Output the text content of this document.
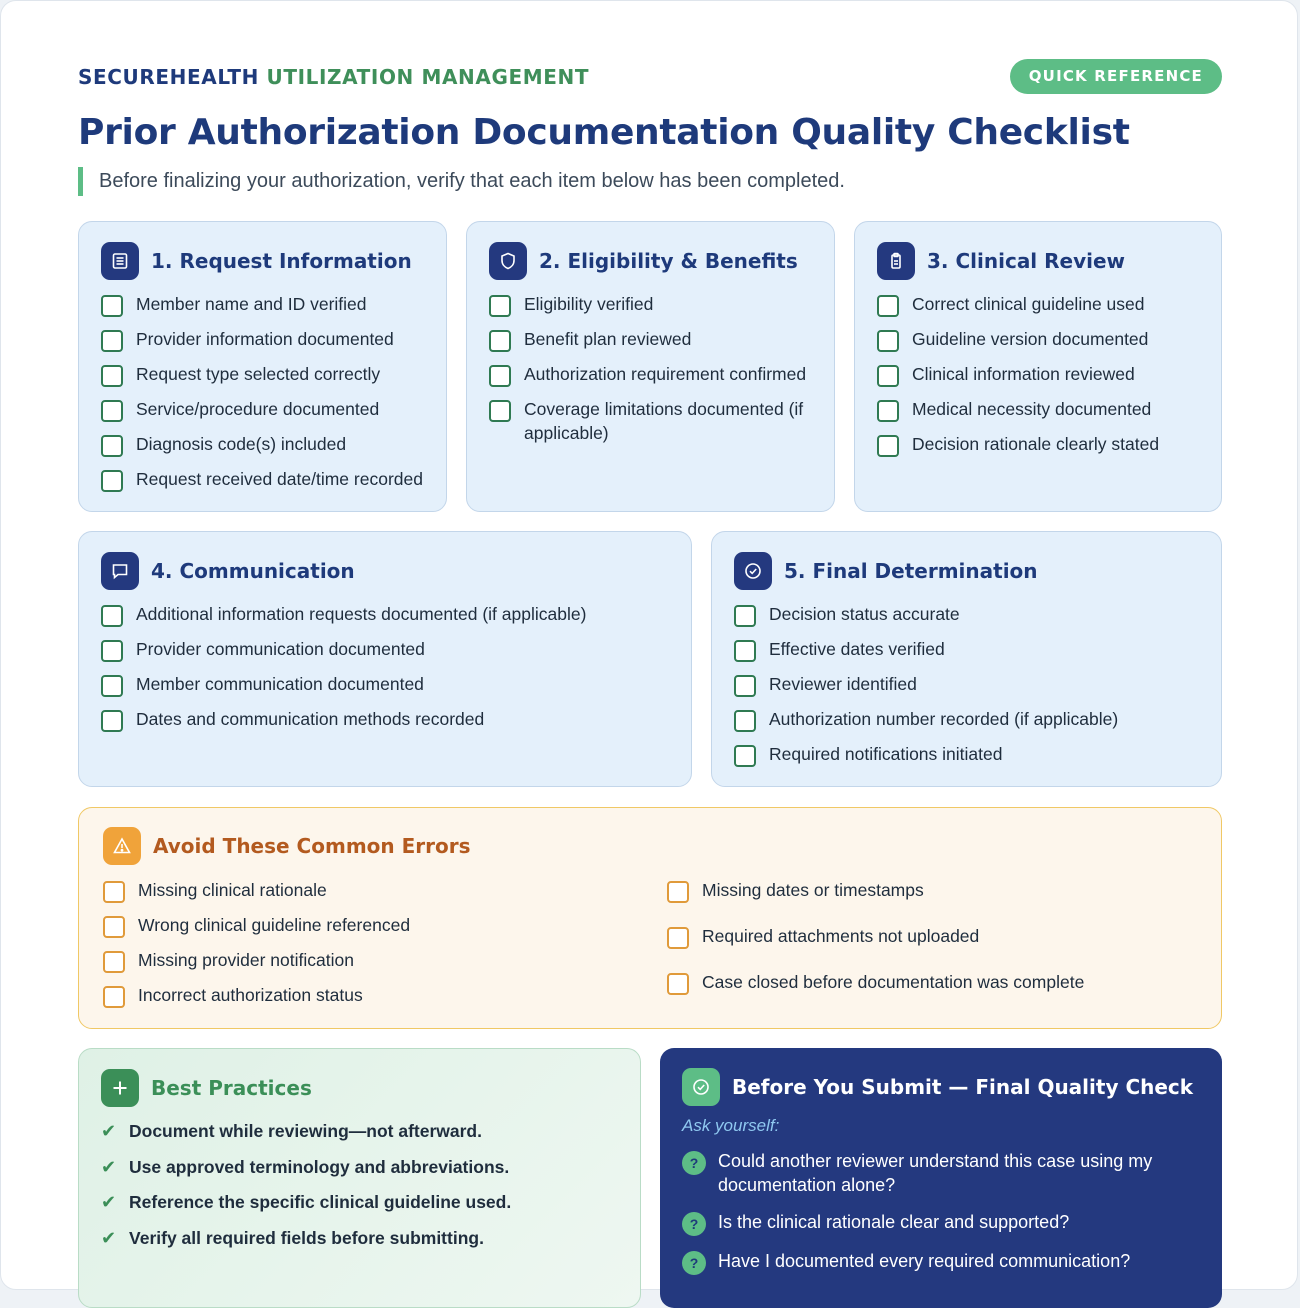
SECUREHEALTH UTILIZATION MANAGEMENT	QUICK REFERENCE
Prior Authorization Documentation Quality Checklist
Before finalizing your authorization, verify that each item below has been completed.
1. Request Information
Member name and ID verified
Provider information documented
Request type selected correctly
Service/procedure documented
Diagnosis code(s) included
Request received date/time recorded
2. Eligibility & Benefits
Eligibility verified
Benefit plan reviewed
Authorization requirement confirmed
Coverage limitations documented (if applicable)
3. Clinical Review
Correct clinical guideline used
Guideline version documented
Clinical information reviewed
Medical necessity documented
Decision rationale clearly stated
4. Communication
Additional information requests documented (if applicable)
Provider communication documented
Member communication documented
Dates and communication methods recorded
5. Final Determination
Decision status accurate
Effective dates verified
Reviewer identified
Authorization number recorded (if applicable)
Required notifications initiated
Avoid These Common Errors
Missing clinical rationale
Wrong clinical guideline referenced
Missing provider notification
Incorrect authorization status
Missing dates or timestamps
Required attachments not uploaded
Case closed before documentation was complete
Best Practices
✔ Document while reviewing—not afterward.
✔ Use approved terminology and abbreviations.
✔ Reference the specific clinical guideline used.
✔ Verify all required fields before submitting.
Before You Submit — Final Quality Check
Ask yourself:
?	Could another reviewer understand this case using my documentation alone?
?	Is the clinical rationale clear and supported?
?	Have I documented every required communication?
